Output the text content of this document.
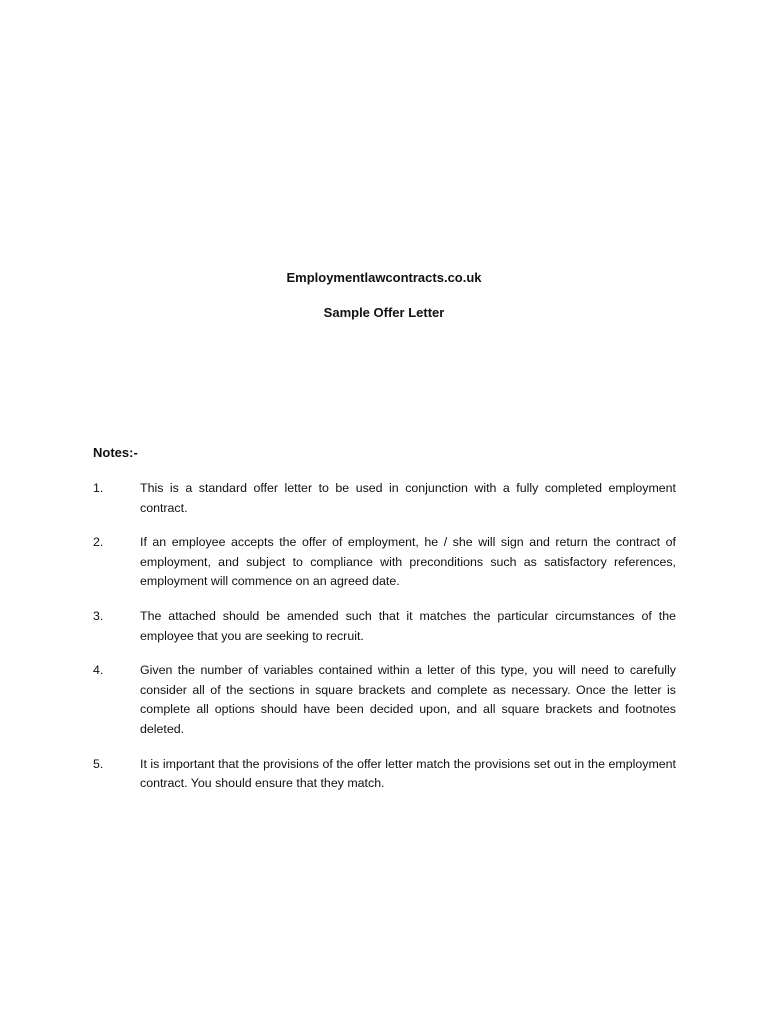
Employmentlawcontracts.co.uk
Sample Offer Letter
Notes:-
1.	This is a standard offer letter to be used in conjunction with a fully completed employment contract.
2.	If an employee accepts the offer of employment, he / she will sign and return the contract of employment, and subject to compliance with preconditions such as satisfactory references, employment will commence on an agreed date.
3.	The attached should be amended such that it matches the particular circumstances of the employee that you are seeking to recruit.
4.	Given the number of variables contained within a letter of this type, you will need to carefully consider all of the sections in square brackets and complete as necessary. Once the letter is complete all options should have been decided upon, and all square brackets and footnotes deleted.
5.	It is important that the provisions of the offer letter match the provisions set out in the employment contract. You should ensure that they match.
